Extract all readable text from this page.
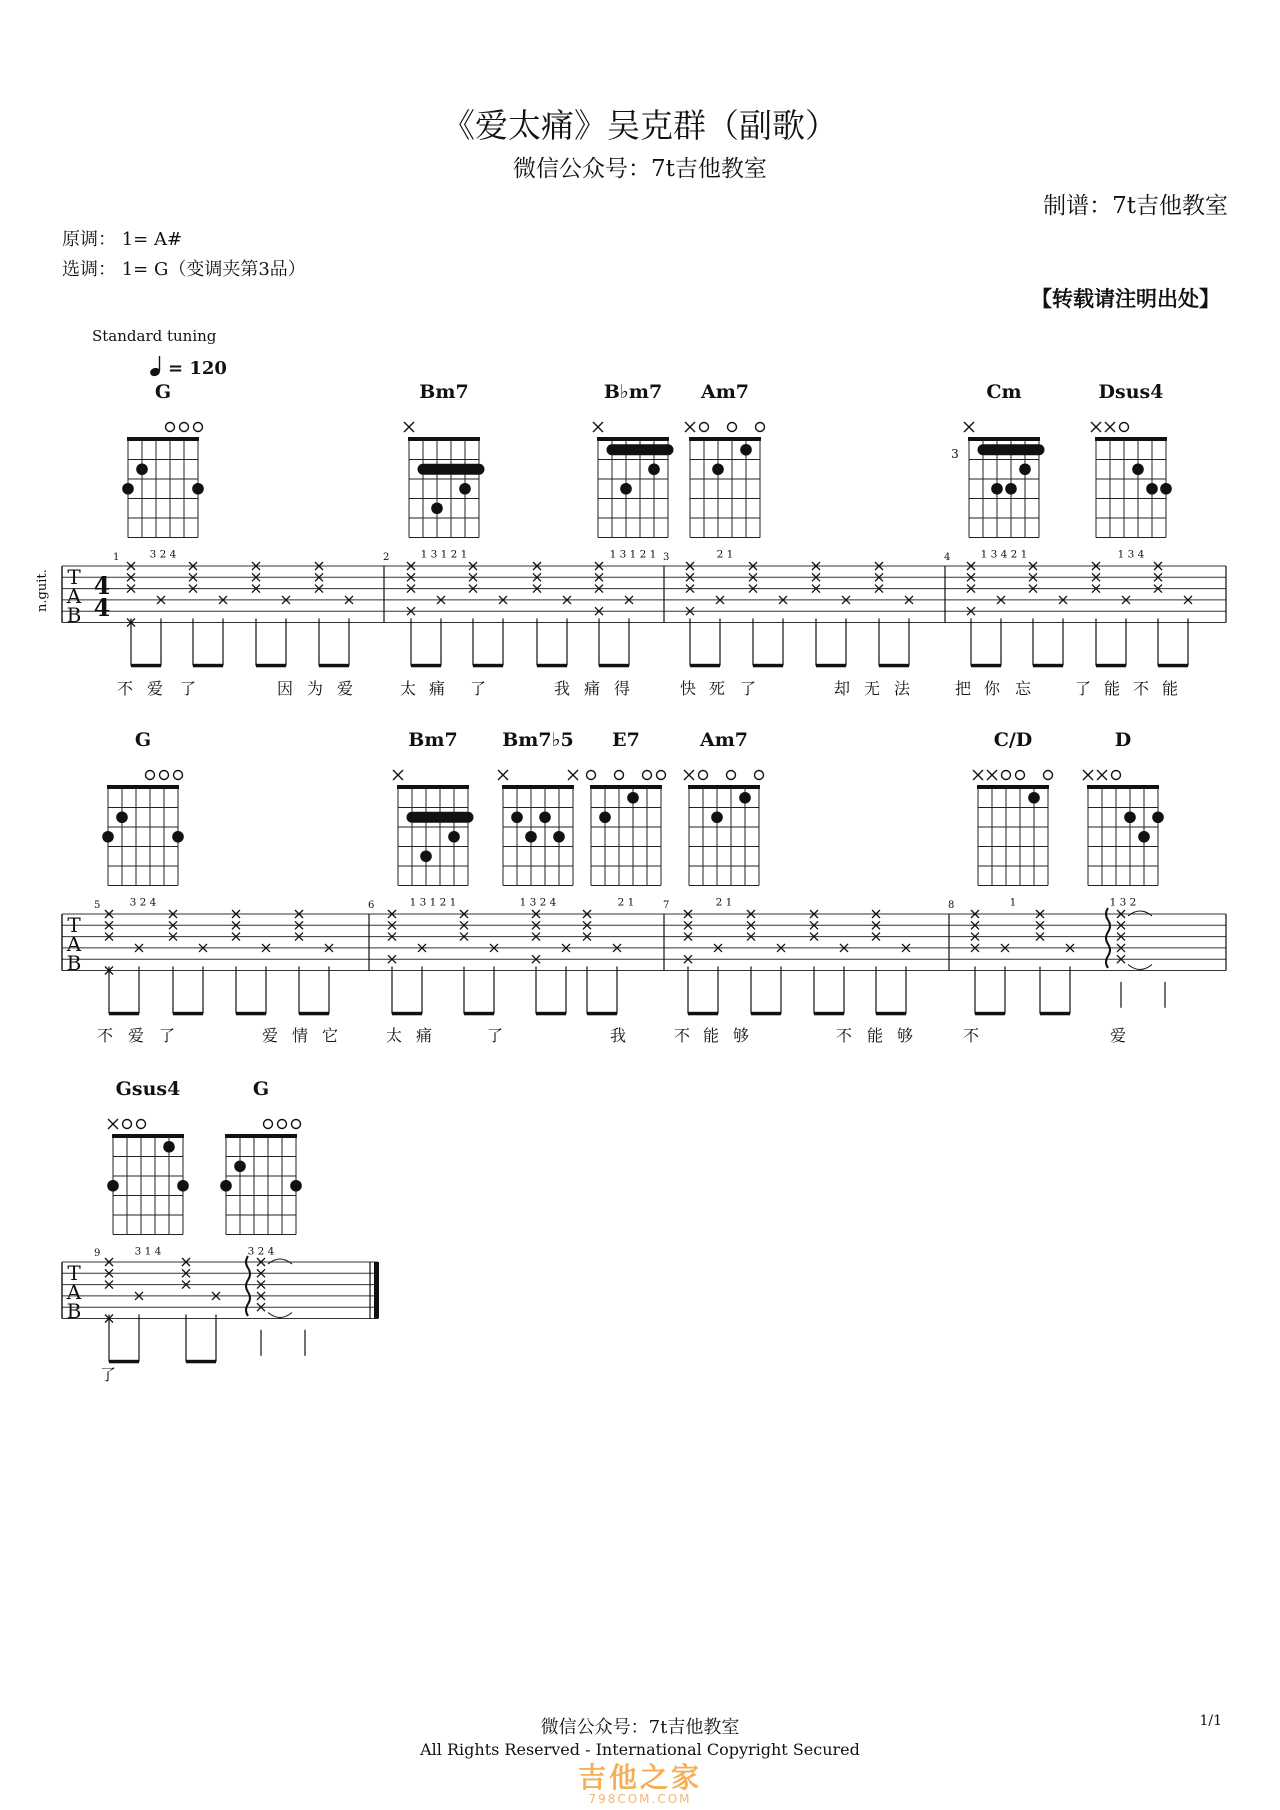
= 120
G
3 2 4
Bm7
1 3 1 2 1
B♭m7
1 3 1 2 1
Am7
2 1
Cm
3
1 3 4 2 1
Dsus4
1 3 4
G
3 2 4
Bm7
1 3 1 2 1
Bm7♭5
1 3 2 4
E7
2 1
Am7
2 1
C/D
1
D
1 3 2
Gsus4
3 1 4
G
3 2 4
T
A
B
1	2	3	4
T
A
B
5	6	7	8
T
A
B
9
n.guit. 4
4
不 爱 了	因 为 爱	太 痛 了	我 痛 得	快 死 了	却 无 法	把 你 忘	了 能 不 能
不 爱 了	爱 情 它	太 痛	了	我	不 能 够	不 能 够	不	爱
了
《爱太痛》吴克群（副歌）
微信公众号：7t吉他教室
制谱：7t吉他教室
原调： 1= A#
选调： 1= G（变调夹第3品）
【转载请注明出处】
Standard tuning
微信公众号：7t吉他教室
All Rights Reserved - International Copyright Secured
1/1
吉他之家
798COM.COM
